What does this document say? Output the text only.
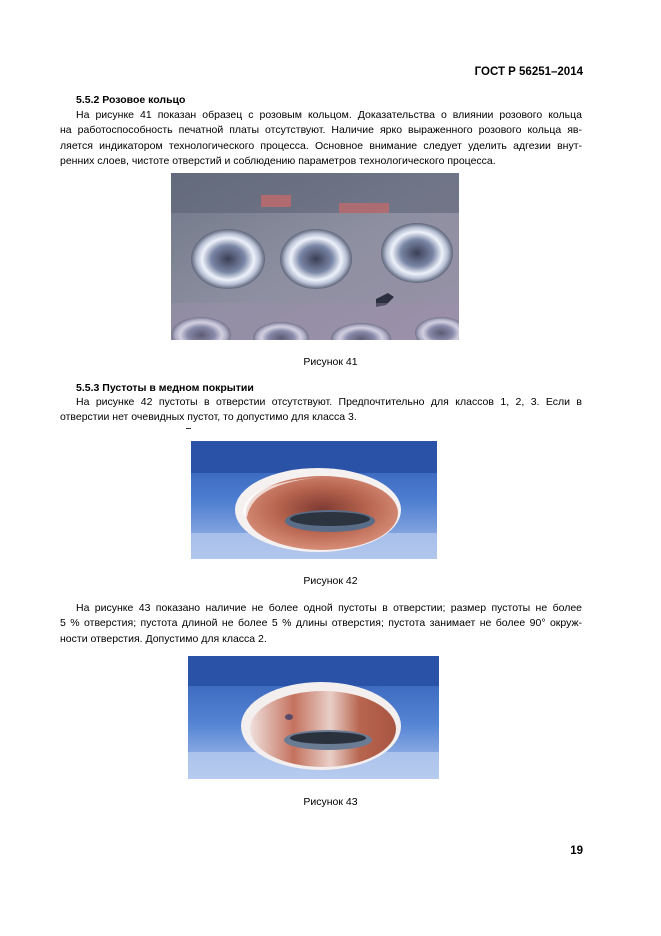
ГОСТ Р 56251–2014
5.5.2 Розовое кольцо
На рисунке 41 показан образец с розовым кольцом. Доказательства о влиянии розового кольца
на работоспособность печатной платы отсутствуют. Наличие ярко выраженного розового кольца яв-
ляется индикатором технологического процесса. Основное внимание следует уделить адгезии внут-
ренних слоев, чистоте отверстий и соблюдению параметров технологического процесса.
Рисунок 41
5.5.3 Пустоты в медном покрытии
На рисунке 42 пустоты в отверстии отсутствуют. Предпочтительно для классов 1, 2, 3. Если в
отверстии нет очевидных пустот, то допустимо для класса 3.
Рисунок 42
На рисунке 43 показано наличие не более одной пустоты в отверстии; размер пустоты не более
5 % отверстия; пустота длиной не более 5 % длины отверстия; пустота занимает не более 90° окруж-
ности отверстия. Допустимо для класса 2.
Рисунок 43
19
